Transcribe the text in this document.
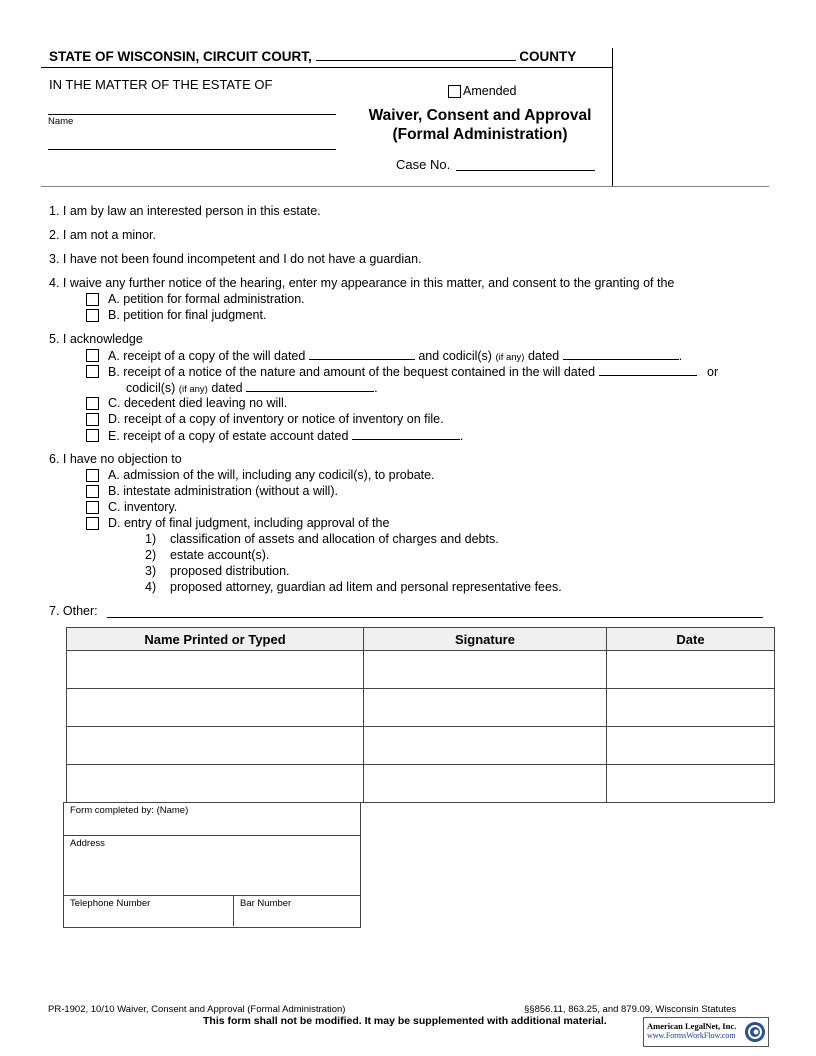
STATE OF WISCONSIN, CIRCUIT COURT,	COUNTY
IN THE MATTER OF THE ESTATE OF
Name
Amended
Waiver, Consent and Approval
(Formal Administration)
Case No.
1. I am by law an interested person in this estate.
2. I am not a minor.
3. I have not been found incompetent and I do not have a guardian.
4. I waive any further notice of the hearing, enter my appearance in this matter, and consent to the granting of the
A. petition for formal administration.
B. petition for final judgment.
5. I acknowledge
A. receipt of a copy of the will dated	and codicil(s) (if any) dated	.
B. receipt of a notice of the nature and amount of the bequest contained in the will dated	or
codicil(s) (if any) dated	.
C. decedent died leaving no will.
D. receipt of a copy of inventory or notice of inventory on file.
E. receipt of a copy of estate account dated	.
6. I have no objection to
A. admission of the will, including any codicil(s), to probate.
B. intestate administration (without a will).
C. inventory.
D. entry of final judgment, including approval of the
1)    classification of assets and allocation of charges and debts.
2)    estate account(s).
3)    proposed distribution.
4)    proposed attorney, guardian ad litem and personal representative fees.
7. Other:
Name Printed or Typed	Signature	Date

Form completed by: (Name)
Address
Telephone Number	Bar Number
PR-1902, 10/10 Waiver, Consent and Approval (Formal Administration)	§§856.11, 863.25, and 879.09, Wisconsin Statutes
This form shall not be modified. It may be supplemented with additional material.	American LegalNet, Inc.
www.FormsWorkFlow.com
